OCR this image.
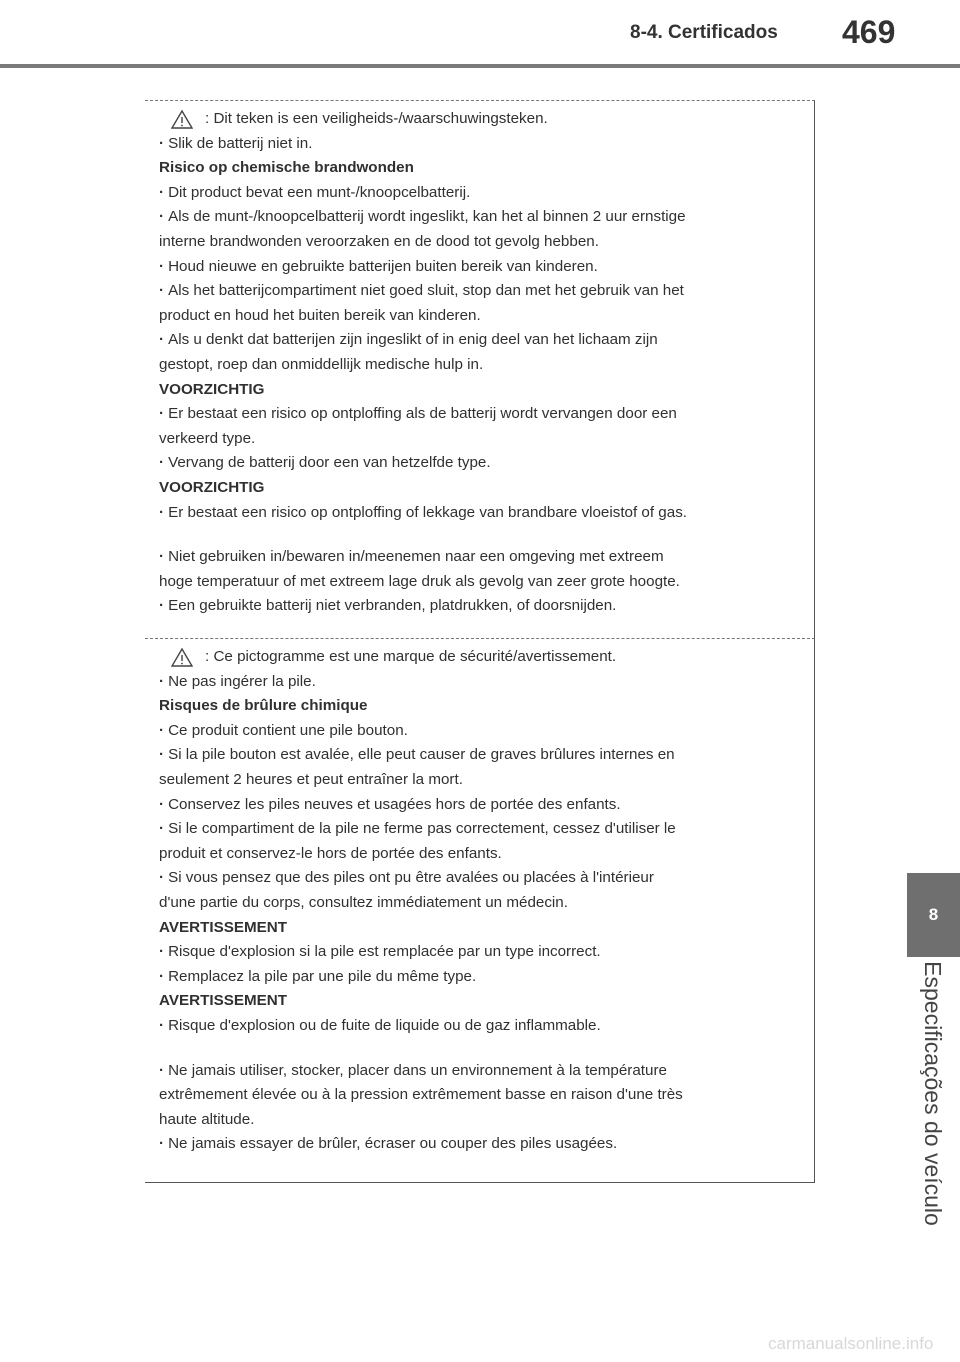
8-4. Certificados 469
8
Especificações do veículo
: Dit teken is een veiligheids-/waarschuwingsteken.

· Slik de batterij niet in.

Risico op chemische brandwonden

· Dit product bevat een munt-/knoopcelbatterij.

· Als de munt-/knoopcelbatterij wordt ingeslikt, kan het al binnen 2 uur ernstige

interne brandwonden veroorzaken en de dood tot gevolg hebben.

· Houd nieuwe en gebruikte batterijen buiten bereik van kinderen.

· Als het batterijcompartiment niet goed sluit, stop dan met het gebruik van het

product en houd het buiten bereik van kinderen.

· Als u denkt dat batterijen zijn ingeslikt of in enig deel van het lichaam zijn

gestopt, roep dan onmiddellijk medische hulp in.

VOORZICHTIG

· Er bestaat een risico op ontploffing als de batterij wordt vervangen door een

verkeerd type.

· Vervang de batterij door een van hetzelfde type.

VOORZICHTIG

· Er bestaat een risico op ontploffing of lekkage van brandbare vloeistof of gas.

· Niet gebruiken in/bewaren in/meenemen naar een omgeving met extreem

hoge temperatuur of met extreem lage druk als gevolg van zeer grote hoogte.

· Een gebruikte batterij niet verbranden, platdrukken, of doorsnijden.

: Ce pictogramme est une marque de sécurité/avertissement.

· Ne pas ingérer la pile.

Risques de brûlure chimique

· Ce produit contient une pile bouton.

· Si la pile bouton est avalée, elle peut causer de graves brûlures internes en

seulement 2 heures et peut entraîner la mort.

· Conservez les piles neuves et usagées hors de portée des enfants.

· Si le compartiment de la pile ne ferme pas correctement, cessez d'utiliser le

produit et conservez-le hors de portée des enfants.

· Si vous pensez que des piles ont pu être avalées ou placées à l'intérieur

d'une partie du corps, consultez immédiatement un médecin.

AVERTISSEMENT

· Risque d'explosion si la pile est remplacée par un type incorrect.

· Remplacez la pile par une pile du même type.

AVERTISSEMENT

· Risque d'explosion ou de fuite de liquide ou de gaz inflammable.

· Ne jamais utiliser, stocker, placer dans un environnement à la température

extrêmement élevée ou à la pression extrêmement basse en raison d'une très

haute altitude.

· Ne jamais essayer de brûler, écraser ou couper des piles usagées.

carmanualsonline.info
